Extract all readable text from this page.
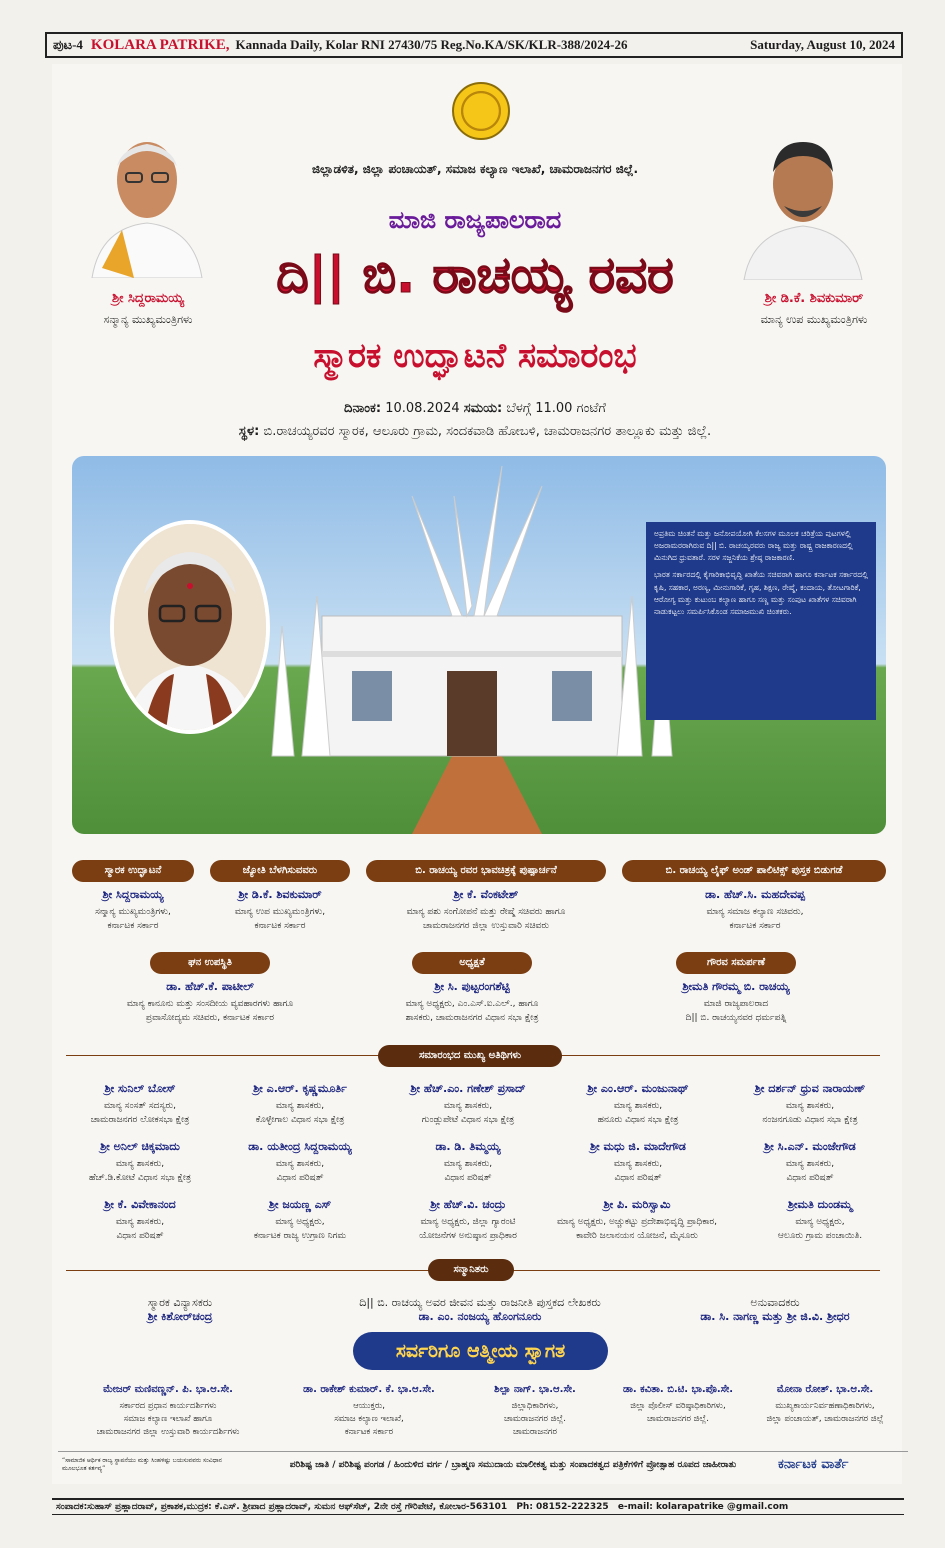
ಪುಟ-4 KOLARA PATRIKE, Kannada Daily, Kolar RNI 27430/75 Reg.No.KA/SK/KLR-388/2024-26	Saturday, August 10, 2024
ಶ್ರೀ ಸಿದ್ದರಾಮಯ್ಯ
ಸನ್ಮಾನ್ಯ ಮುಖ್ಯಮಂತ್ರಿಗಳು
ಶ್ರೀ ಡಿ.ಕೆ. ಶಿವಕುಮಾರ್
ಮಾನ್ಯ ಉಪ ಮುಖ್ಯಮಂತ್ರಿಗಳು
ಜಿಲ್ಲಾಡಳಿತ, ಜಿಲ್ಲಾ ಪಂಚಾಯತ್, ಸಮಾಜ ಕಲ್ಯಾಣ ಇಲಾಖೆ, ಚಾಮರಾಜನಗರ ಜಿಲ್ಲೆ.
ಮಾಜಿ ರಾಜ್ಯಪಾಲರಾದ
ದಿ|| ಬಿ. ರಾಚಯ್ಯ ರವರ
ಸ್ಮಾರಕ ಉದ್ಘಾಟನೆ ಸಮಾರಂಭ
ದಿನಾಂಕ: 10.08.2024 ಸಮಯ: ಬೆಳಗ್ಗೆ 11.00 ಗಂಟೆಗೆ
ಸ್ಥಳ: ಬಿ.ರಾಚಯ್ಯರವರ ಸ್ಮಾರಕ, ಆಲೂರು ಗ್ರಾಮ, ಸಂದಕವಾಡಿ ಹೋಬಳಿ, ಚಾಮರಾಜನಗರ ತಾಲ್ಲೂಕು ಮತ್ತು ಜಿಲ್ಲೆ.

ಅಪ್ರತಿಮ ಚಿಂತನೆ ಮತ್ತು ಜನೋಪಯೋಗಿ ಕೆಲಸಗಳ ಮೂಲಕ ಚರಿತ್ರೆಯ ಪುಟಗಳಲ್ಲಿ ಅಜರಾಮರರಾಗಿರುವ ದಿ|| ಬಿ. ರಾಚಯ್ಯರವರು ರಾಜ್ಯ ಮತ್ತು ರಾಷ್ಟ್ರ ರಾಜಕಾರಣದಲ್ಲಿ ಮಿನುಗಿದ ಧ್ರುವತಾರೆ. ಸರಳ ಸಜ್ಜನಿಕೆಯ ಶ್ರೇಷ್ಠ ರಾಜಕಾರಣಿ.

ಭಾರತ ಸರ್ಕಾರದಲ್ಲಿ ಕೈಗಾರಿಕಾಭಿವೃದ್ಧಿ ಖಾತೆಯ ಸಚಿವರಾಗಿ ಹಾಗೂ ಕರ್ನಾಟಕ ಸರ್ಕಾರದಲ್ಲಿ ಕೃಷಿ, ಸಹಕಾರ, ಅರಣ್ಯ, ಮೀನುಗಾರಿಕೆ, ಗೃಹ, ಶಿಕ್ಷಣ, ರೇಷ್ಮೆ, ಕಂದಾಯ, ತೋಟಗಾರಿಕೆ, ಆರೋಗ್ಯ ಮತ್ತು ಕುಟುಂಬ ಕಲ್ಯಾಣ ಹಾಗೂ ಸಣ್ಣ ಮತ್ತು ಸಂಪುಟ ಖಾತೆಗಳ ಸಚಿವರಾಗಿ ನಾಡುಕಟ್ಟಲು ಸಮರ್ಪಿಸಿಕೊಂಡ ಸಮಾಜಮುಖಿ ಚಿಂತಕರು.

ಸ್ಮಾರಕ ಉದ್ಘಾಟನೆ
ಶ್ರೀ ಸಿದ್ದರಾಮಯ್ಯ
ಸನ್ಮಾನ್ಯ ಮುಖ್ಯಮಂತ್ರಿಗಳು,
ಕರ್ನಾಟಕ ಸರ್ಕಾರ
ಜ್ಯೋತಿ ಬೆಳಗಿಸುವವರು
ಶ್ರೀ ಡಿ.ಕೆ. ಶಿವಕುಮಾರ್
ಮಾನ್ಯ ಉಪ ಮುಖ್ಯಮಂತ್ರಿಗಳು,
ಕರ್ನಾಟಕ ಸರ್ಕಾರ
ಬಿ. ರಾಚಯ್ಯ ರವರ ಭಾವಚಿತ್ರಕ್ಕೆ ಪುಷ್ಪಾರ್ಚನೆ
ಶ್ರೀ ಕೆ. ವೆಂಕಟೇಶ್
ಮಾನ್ಯ ಪಶು ಸಂಗೋಪನೆ ಮತ್ತು ರೇಷ್ಮೆ ಸಚಿವರು ಹಾಗೂ
ಚಾಮರಾಜನಗರ ಜಿಲ್ಲಾ ಉಸ್ತುವಾರಿ ಸಚಿವರು
ಬಿ. ರಾಚಯ್ಯ ಲೈಫ್ ಅಂಡ್ ಪಾಲಿಟಿಕ್ಸ್ ಪುಸ್ತಕ ಬಿಡುಗಡೆ
ಡಾ. ಹೆಚ್.ಸಿ. ಮಹದೇವಪ್ಪ
ಮಾನ್ಯ ಸಮಾಜ ಕಲ್ಯಾಣ ಸಚಿವರು,
ಕರ್ನಾಟಕ ಸರ್ಕಾರ
ಘನ ಉಪಸ್ಥಿತಿ
ಡಾ. ಹೆಚ್.ಕೆ. ಪಾಟೀಲ್
ಮಾನ್ಯ ಕಾನೂನು ಮತ್ತು ಸಂಸದೀಯ ವ್ಯವಹಾರಗಳು ಹಾಗೂ
ಪ್ರವಾಸೋದ್ಯಮ ಸಚಿವರು, ಕರ್ನಾಟಕ ಸರ್ಕಾರ
ಅಧ್ಯಕ್ಷತೆ
ಶ್ರೀ ಸಿ. ಪುಟ್ಟರಂಗಶೆಟ್ಟಿ
ಮಾನ್ಯ ಅಧ್ಯಕ್ಷರು, ಎಂ.ಎಸ್.ಐ.ಎಲ್., ಹಾಗೂ
ಶಾಸಕರು, ಚಾಮರಾಜನಗರ ವಿಧಾನ ಸಭಾ ಕ್ಷೇತ್ರ
ಗೌರವ ಸಮರ್ಪಣೆ
ಶ್ರೀಮತಿ ಗೌರಮ್ಮ ಬಿ. ರಾಚಯ್ಯ
ಮಾಜಿ ರಾಜ್ಯಪಾಲರಾದ
ದಿ|| ಬಿ. ರಾಚಯ್ಯನವರ ಧರ್ಮಪತ್ನಿ
ಸಮಾರಂಭದ ಮುಖ್ಯ ಅತಿಥಿಗಳು
ಶ್ರೀ ಸುನಿಲ್ ಬೋಸ್
ಮಾನ್ಯ ಸಂಸತ್ ಸದಸ್ಯರು,
ಚಾಮರಾಜನಗರ ಲೋಕಸಭಾ ಕ್ಷೇತ್ರ
ಶ್ರೀ ಎ.ಆರ್. ಕೃಷ್ಣಮೂರ್ತಿ
ಮಾನ್ಯ ಶಾಸಕರು,
ಕೊಳ್ಳೇಗಾಲ ವಿಧಾನ ಸಭಾ ಕ್ಷೇತ್ರ
ಶ್ರೀ ಹೆಚ್.ಎಂ. ಗಣೇಶ್ ಪ್ರಸಾದ್
ಮಾನ್ಯ ಶಾಸಕರು,
ಗುಂಡ್ಲುಪೇಟೆ ವಿಧಾನ ಸಭಾ ಕ್ಷೇತ್ರ
ಶ್ರೀ ಎಂ.ಆರ್. ಮಂಜುನಾಥ್
ಮಾನ್ಯ ಶಾಸಕರು,
ಹನೂರು ವಿಧಾನ ಸಭಾ ಕ್ಷೇತ್ರ
ಶ್ರೀ ದರ್ಶನ್ ಧ್ರುವ ನಾರಾಯಣ್
ಮಾನ್ಯ ಶಾಸಕರು,
ನಂಜನಗೂಡು ವಿಧಾನ ಸಭಾ ಕ್ಷೇತ್ರ
ಶ್ರೀ ಅನಿಲ್ ಚಿಕ್ಕಮಾದು
ಮಾನ್ಯ ಶಾಸಕರು,
ಹೆಚ್.ಡಿ.ಕೋಟೆ ವಿಧಾನ ಸಭಾ ಕ್ಷೇತ್ರ
ಡಾ. ಯತೀಂದ್ರ ಸಿದ್ದರಾಮಯ್ಯ
ಮಾನ್ಯ ಶಾಸಕರು,
ವಿಧಾನ ಪರಿಷತ್
ಡಾ. ಡಿ. ತಿಮ್ಮಯ್ಯ
ಮಾನ್ಯ ಶಾಸಕರು,
ವಿಧಾನ ಪರಿಷತ್
ಶ್ರೀ ಮಧು ಜಿ. ಮಾದೇಗೌಡ
ಮಾನ್ಯ ಶಾಸಕರು,
ವಿಧಾನ ಪರಿಷತ್
ಶ್ರೀ ಸಿ.ಎನ್. ಮಂಜೇಗೌಡ
ಮಾನ್ಯ ಶಾಸಕರು,
ವಿಧಾನ ಪರಿಷತ್
ಶ್ರೀ ಕೆ. ವಿವೇಕಾನಂದ
ಮಾನ್ಯ ಶಾಸಕರು,
ವಿಧಾನ ಪರಿಷತ್
ಶ್ರೀ ಜಯಣ್ಣ ಎಸ್
ಮಾನ್ಯ ಅಧ್ಯಕ್ಷರು,
ಕರ್ನಾಟಕ ರಾಜ್ಯ ಉಗ್ರಾಣ ನಿಗಮ
ಶ್ರೀ ಹೆಚ್.ವಿ. ಚಂದ್ರು
ಮಾನ್ಯ ಅಧ್ಯಕ್ಷರು, ಜಿಲ್ಲಾ ಗ್ಯಾರಂಟಿ
ಯೋಜನೆಗಳ ಅನುಷ್ಠಾನ ಪ್ರಾಧಿಕಾರ
ಶ್ರೀ ಪಿ. ಮರಿಸ್ವಾಮಿ
ಮಾನ್ಯ ಅಧ್ಯಕ್ಷರು, ಅಚ್ಚುಕಟ್ಟು ಪ್ರದೇಶಾಭಿವೃದ್ಧಿ ಪ್ರಾಧಿಕಾರ,
ಕಾವೇರಿ ಜಲಾನಯನ ಯೋಜನೆ, ಮೈಸೂರು
ಶ್ರೀಮತಿ ದುಂಡಮ್ಮ
ಮಾನ್ಯ ಅಧ್ಯಕ್ಷರು,
ಆಲೂರು ಗ್ರಾಮ ಪಂಚಾಯಿತಿ.
ಸನ್ಮಾನಿತರು
ಸ್ಮಾರಕ ವಿನ್ಯಾಸಕರು
ಶ್ರೀ ಕಿಶೋರ್‌ಚಂದ್ರ
ದಿ|| ಬಿ. ರಾಚಯ್ಯ ಅವರ ಜೀವನ ಮತ್ತು ರಾಜನೀತಿ ಪುಸ್ತಕದ ಲೇಖಕರು
ಡಾ. ಎಂ. ನಂಜಯ್ಯ ಹೊಂಗನೂರು
ಅನುವಾದಕರು
ಡಾ. ಸಿ. ನಾಗಣ್ಣ ಮತ್ತು ಶ್ರೀ ಜಿ.ವಿ. ಶ್ರೀಧರ
ಸರ್ವರಿಗೂ ಆತ್ಮೀಯ ಸ್ವಾಗತ
ಮೇಜರ್ ಮಣಿವಣ್ಣನ್. ಪಿ. ಭಾ.ಆ.ಸೇ.
ಸರ್ಕಾರದ ಪ್ರಧಾನ ಕಾರ್ಯದರ್ಶಿಗಳು
ಸಮಾಜ ಕಲ್ಯಾಣ ಇಲಾಖೆ ಹಾಗೂ
ಚಾಮರಾಜನಗರ ಜಿಲ್ಲಾ ಉಸ್ತುವಾರಿ ಕಾರ್ಯದರ್ಶಿಗಳು
ಡಾ. ರಾಕೇಶ್ ಕುಮಾರ್. ಕೆ. ಭಾ.ಆ.ಸೇ.
ಆಯುಕ್ತರು,
ಸಮಾಜ ಕಲ್ಯಾಣ ಇಲಾಖೆ,
ಕರ್ನಾಟಕ ಸರ್ಕಾರ
ಶಿಲ್ಪಾ ನಾಗ್. ಭಾ.ಆ.ಸೇ.
ಜಿಲ್ಲಾಧಿಕಾರಿಗಳು,
ಚಾಮರಾಜನಗರ ಜಿಲ್ಲೆ.
ಚಾಮರಾಜನಗರ
ಡಾ. ಕವಿತಾ. ಬಿ.ಟಿ. ಭಾ.ಪೊ.ಸೇ.
ಜಿಲ್ಲಾ ಪೊಲೀಸ್ ವರಿಷ್ಠಾಧಿಕಾರಿಗಳು,
ಚಾಮರಾಜನಗರ ಜಿಲ್ಲೆ.
ಮೋನಾ ರೋತ್. ಭಾ.ಆ.ಸೇ.
ಮುಖ್ಯಕಾರ್ಯನಿರ್ವಹಣಾಧಿಕಾರಿಗಳು,
ಜಿಲ್ಲಾ ಪಂಚಾಯತ್, ಚಾಮರಾಜನಗರ ಜಿಲ್ಲೆ
“ಸಾಮಾಜಿಕ ಆರ್ಥಿಕ ರಾಜ್ಯ ಸ್ಥಾಪನೆಯು ಮತ್ತು ಸಿಂಹಳಿಷ್ಟು ಬಯಸುವವರು ಸಂವಿಧಾನ ಮೂಲಭೂತ ಕರ್ತವ್ಯ”	ಪರಿಶಿಷ್ಟ ಜಾತಿ / ಪರಿಶಿಷ್ಟ ಪಂಗಡ / ಹಿಂದುಳಿದ ವರ್ಗ / ಬ್ರಾಹ್ಮಣ ಸಮುದಾಯ ಮಾಲೀಕತ್ವ ಮತ್ತು ಸಂಪಾದಕತ್ವದ ಪತ್ರಿಕೆಗಳಿಗೆ ಪ್ರೋತ್ಸಾಹ ರೂಪದ ಜಾಹೀರಾತು	ಕರ್ನಾಟಕ ವಾರ್ತೆ
ಸಂಪಾದಕ:ಸುಹಾಸ್ ಪ್ರಹ್ಲಾದರಾವ್, ಪ್ರಕಾಶಕ,ಮುದ್ರಕ: ಕೆ.ಎಸ್. ಶ್ರೀಪಾದ ಪ್ರಹ್ಲಾದರಾವ್, ಸುಮನ ಆಫ್‌ಸೆಟ್, 2ನೇ ರಸ್ತೆ ಗೌರಿಪೇಟೆ, ಕೋಲಾರ-563101 Ph: 08152-222325 e-mail: kolarapatrike @gmail.com
